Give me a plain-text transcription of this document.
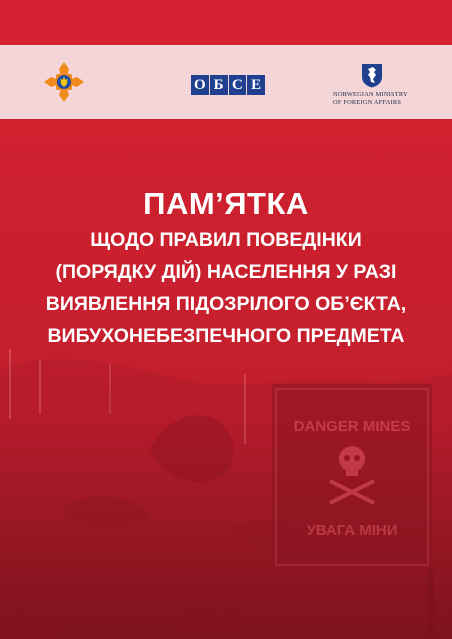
О Б С Е
NORWEGIAN MINISTRY
OF FOREIGN AFFAIRS
DANGER MINES
УВАГА МІНИ
ПАМ’ЯТКА
ЩОДО ПРАВИЛ ПОВЕДІНКИ
(ПОРЯДКУ ДІЙ) НАСЕЛЕННЯ У РАЗІ
ВИЯВЛЕННЯ ПІДОЗРІЛОГО ОБ’ЄКТА,
ВИБУХОНЕБЕЗПЕЧНОГО ПРЕДМЕТА
